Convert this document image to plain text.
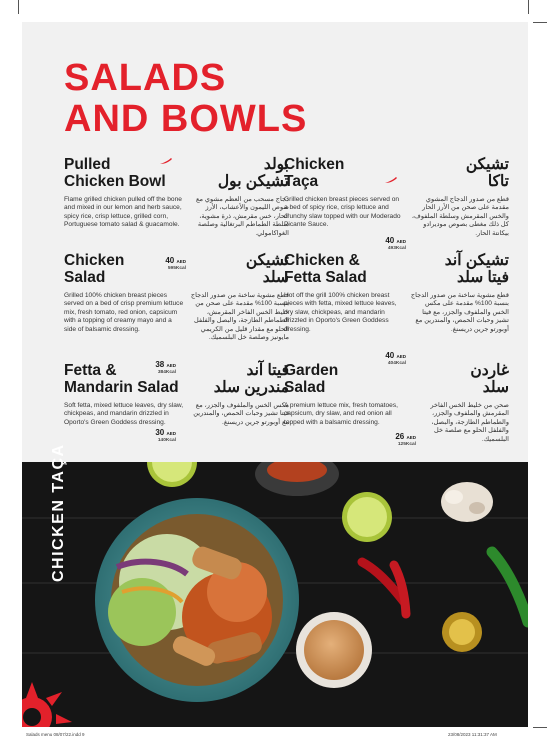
SALADS
AND BOWLS
Pulled
Chicken Bowl
بولد
تشيكن بول
Flame grilled chicken pulled off the bone and mixed in our lemon and herb sauce, spicy rice, crisp lettuce, grilled corn, Portuguese tomato salad & guacamole.
دجاج مسحب من العظم مشوي مع صوص الليمون والأعشاب، الأرز الحار، خس مقرمش، ذرة مشوية، سلطة الطماطم البرتغالية وصلصة الغواكامولي.
40 AED
595Kcal
Chicken
Taça
تشيكن
تاكا
Grilled chicken breast pieces served on a bed of spicy rice, crisp lettuce and crunchy slaw topped with our Moderado Picante Sauce.
قطع من صدور الدجاج المشوي مقدمة على صحن من الأرز الحار والخس المقرمش وسلطة الملفوف، كل ذلك مغطى بصوص موديرادو بيكانتة الحار.
40 AED
493Kcal
Chicken
Salad
تشيكن
سلد
Grilled 100% chicken breast pieces served on a bed of crisp premium lettuce mix, fresh tomato, red onion, capsicum with a topping of creamy mayo and a side of balsamic dressing.
قطع مشوية ساخنة من صدور الدجاج بنسبة 100% مقدمة على صحن من خليط الخس الفاخر المقرمش، الطماطم الطازجة، والبصل والفلفل الحلو مع مقدار قليل من الكريمي مايونيز وصلصة خل البلسميك.
38 AED
384Kcal
Chicken &
Fetta Salad
تشيكن آند
فيتا سلد
Hot off the grill 100% chicken breast pieces with fetta, mixed lettuce leaves, dry slaw, chickpeas, and mandarin drizzled in Oporto's Green Goddess dressing.
قطع مشوية ساخنة من صدور الدجاج بنسبة 100% مقدمة على مكس الخس والملفوف والجزر، مع فيتا تشيز وحبات الحمص، والمندرين مع أوبورتو جرين دريسنغ.
40 AED
404Kcal
Fetta &
Mandarin Salad
فيتا آند
مندرين سلد
Soft fetta, mixed lettuce leaves, dry slaw, chickpeas, and mandarin drizzled in Oporto's Green Goddess dressing.
مكس الخس والملفوف والجزر، مع فيتا تشيز وحبات الحمص، والمندرين مع أوبورتو جرين دريسنغ.
30 AED
140Kcal
Garden
Salad
غاردن
سلد
A premium lettuce mix, fresh tomatoes, capsicum, dry slaw, and red onion all topped with a balsamic dressing.
صحن من خليط الخس الفاخر المقرمش والملفوف والجزر، والطماطم الطازجة، والبصل، والفلفل الحلو مع صلصة خل البلسميك.
26 AED
125Kcal
CHICKEN TAÇA
Salads menu 08/07/22.indd 9	23/08/2023 11:31:37 AM
